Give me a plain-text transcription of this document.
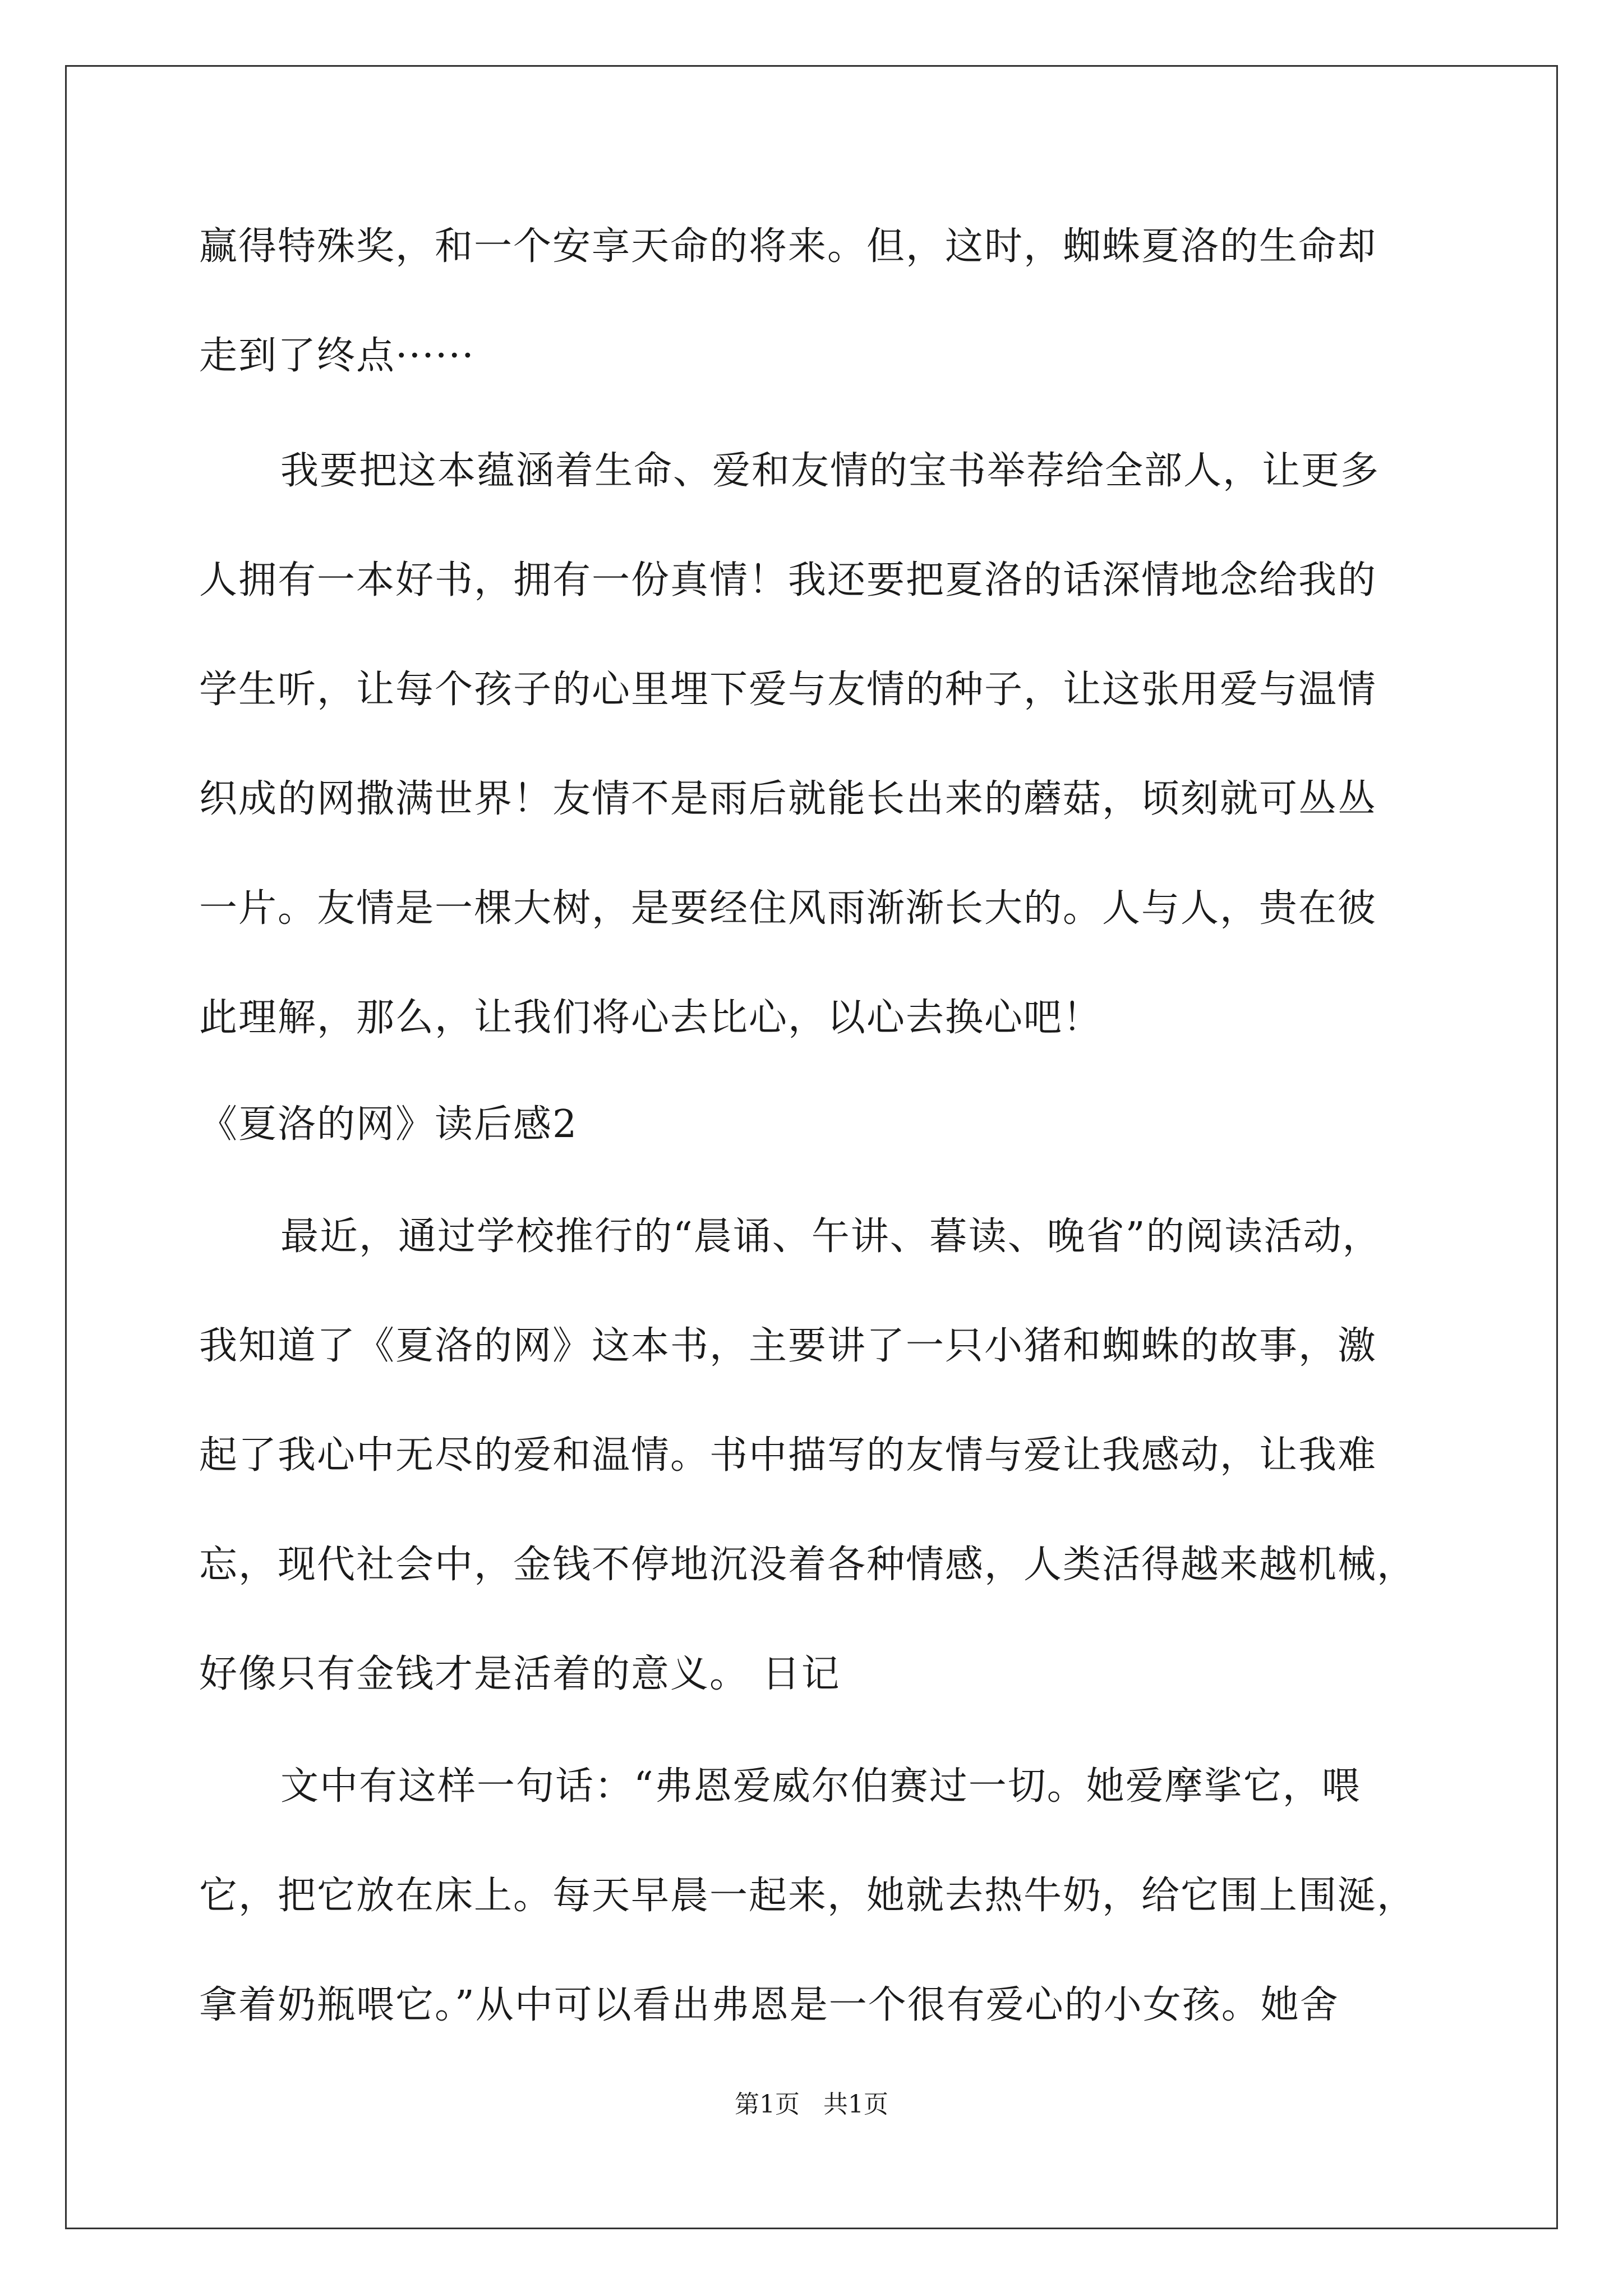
赢得特殊奖，和一个安享天命的将来。但，这时，蜘蛛夏洛的生命却
走到了终点······
我要把这本蕴涵着生命、爱和友情的宝书举荐给全部人，让更多
人拥有一本好书，拥有一份真情！我还要把夏洛的话深情地念给我的
学生听，让每个孩子的心里埋下爱与友情的种子，让这张用爱与温情
织成的网撒满世界！友情不是雨后就能长出来的蘑菇，顷刻就可丛丛
一片。友情是一棵大树，是要经住风雨渐渐长大的。人与人，贵在彼
此理解，那么，让我们将心去比心，以心去换心吧！
《夏洛的网》读后感2
最近，通过学校推行的“晨诵、午讲、暮读、晚省”的阅读活动，
我知道了《夏洛的网》这本书，主要讲了一只小猪和蜘蛛的故事，激
起了我心中无尽的爱和温情。书中描写的友情与爱让我感动，让我难
忘，现代社会中，金钱不停地沉没着各种情感，人类活得越来越机械，
好像只有金钱才是活着的意义。 日记
文中有这样一句话：“弗恩爱威尔伯赛过一切。她爱摩挲它，喂
它，把它放在床上。每天早晨一起来，她就去热牛奶，给它围上围涎，
拿着奶瓶喂它。”从中可以看出弗恩是一个很有爱心的小女孩。她舍
第1页   共1页
